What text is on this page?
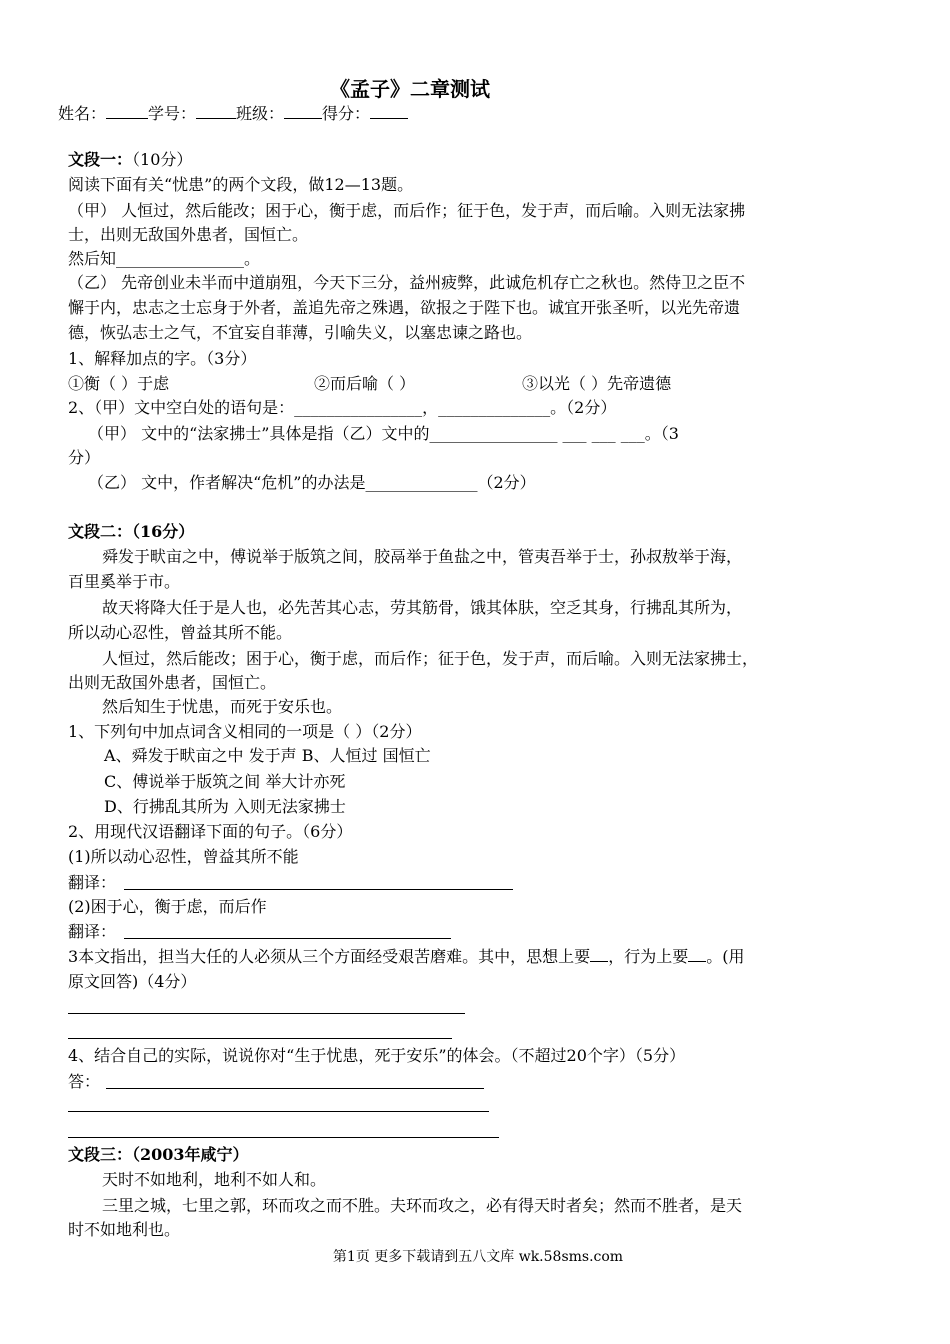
《孟子》二章测试
姓名：	学号：	班级： 得分：
文段一：（10分）
阅读下面有关“忧患”的两个文段，做12—13题。
（甲） 人恒过，然后能改；困于心，衡于虑，而后作；征于色，发于声，而后喻。入则无法家拂
士，出则无敌国外患者，国恒亡。
然后知________________。
（乙） 先帝创业未半而中道崩殂，今天下三分，益州疲弊，此诚危机存亡之秋也。然侍卫之臣不
懈于内，忠志之士忘身于外者，盖追先帝之殊遇，欲报之于陛下也。诚宜开张圣听，以光先帝遗
德，恢弘志士之气，不宜妄自菲薄，引喻失义，以塞忠谏之路也。
1、解释加点的字。（3分）
①衡（ ）于虑	②而后喻（ ）	③以光（ ）先帝遗德
2、（甲）文中空白处的语句是：________________，______________。（2分）
（甲） 文中的“法家拂士”具体是指（乙）文中的________________ ___ ___ ___。（3
分）
（乙） 文中，作者解决“危机”的办法是______________（2分）
文段二：（16分）
舜发于畎亩之中，傅说举于版筑之间，胶鬲举于鱼盐之中，管夷吾举于士，孙叔敖举于海，
百里奚举于市。
故天将降大任于是人也，必先苦其心志，劳其筋骨，饿其体肤，空乏其身，行拂乱其所为，
所以动心忍性，曾益其所不能。
人恒过，然后能改；困于心，衡于虑，而后作；征于色，发于声，而后喻。入则无法家拂士，
出则无敌国外患者，国恒亡。
然后知生于忧患，而死于安乐也。
1、下列句中加点词含义相同的一项是（ ）（2分）
A、舜发于畎亩之中 发于声 B、人恒过 国恒亡
C、傅说举于版筑之间 举大计亦死
D、行拂乱其所为 入则无法家拂士
2、用现代汉语翻译下面的句子。（6分）
(1)所以动心忍性，曾益其所不能
翻译：
(2)困于心，衡于虑，而后作
翻译：
3本文指出，担当大任的人必须从三个方面经受艰苦磨难。其中，思想上要 ，行为上要 。(用
原文回答)（4分）
4、结合自己的实际，说说你对“生于忧患，死于安乐”的体会。（不超过20个字）（5分）
答：
文段三：（2003年咸宁）
天时不如地利，地利不如人和。
三里之城，七里之郭，环而攻之而不胜。夫环而攻之，必有得天时者矣；然而不胜者，是天
时不如地利也。
第1页 更多下载请到五八文库 wk.58sms.com
